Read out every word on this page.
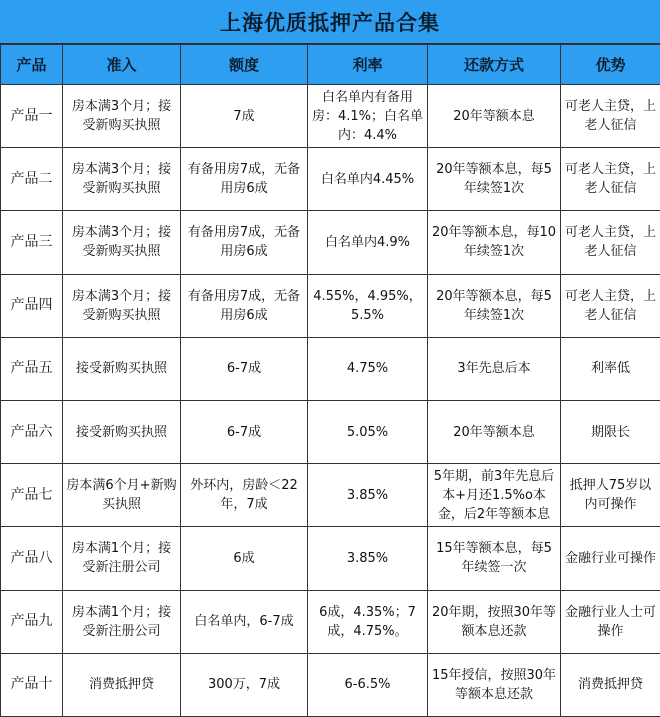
上海优质抵押产品合集
产品	准入	额度	利率	还款方式	优势
产品一	房本满3个月；接受新购买执照	7成	白名单内有备用房：4.1%；白名单内：4.4%	20年等额本息	可老人主贷，上老人征信
产品二	房本满3个月；接受新购买执照	有备用房7成，无备用房6成	白名单内4.45%	20年等额本息，每5年续签1次	可老人主贷，上老人征信
产品三	房本满3个月；接受新购买执照	有备用房7成，无备用房6成	白名单内4.9%	20年等额本息，每10年续签1次	可老人主贷，上老人征信
产品四	房本满3个月；接受新购买执照	有备用房7成，无备用房6成	4.55%，4.95%，5.5%	20年等额本息，每5年续签1次	可老人主贷，上老人征信
产品五	接受新购买执照	6-7成	4.75%	3年先息后本	利率低
产品六	接受新购买执照	6-7成	5.05%	20年等额本息	期限长
产品七	房本满6个月+新购买执照	外环内，房龄＜22年，7成	3.85%	5年期，前3年先息后本+月还1.5%o本金，后2年等额本息	抵押人75岁以内可操作
产品八	房本满1个月；接受新注册公司	6成	3.85%	15年等额本息，每5年续签一次	金融行业可操作
产品九	房本满1个月；接受新注册公司	白名单内，6-7成	6成，4.35%；7成，4.75%。	20年期，按照30年等额本息还款	金融行业人士可操作
产品十	消费抵押贷	300万，7成	6-6.5%	15年授信，按照30年等额本息还款	消费抵押贷
